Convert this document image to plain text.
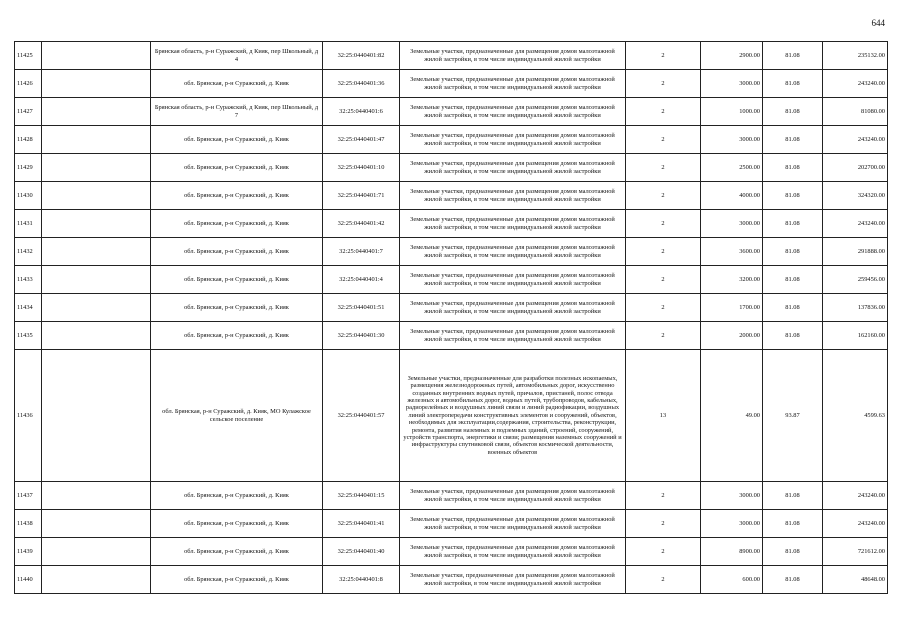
644
11425		Брянская область, р-н Суражский, д Кияк, пер Школьный, д 4	32:25:0440401:82	Земельные участки, предназначенные для размещения домов малоэтажной жилой застройки, в том числе индивидуальной жилой застройки	2	2900.00	81.08	235132.00
11426		обл. Брянская, р-н Суражский, д. Кияк	32:25:0440401:36	Земельные участки, предназначенные для размещения домов малоэтажной жилой застройки, в том числе индивидуальной жилой застройки	2	3000.00	81.08	243240.00
11427		Брянская область, р-н Суражский, д Кияк, пер Школьный, д 7	32:25:0440401:6	Земельные участки, предназначенные для размещения домов малоэтажной жилой застройки, в том числе индивидуальной жилой застройки	2	1000.00	81.08	81080.00
11428		обл. Брянская, р-н Суражский, д. Кияк	32:25:0440401:47	Земельные участки, предназначенные для размещения домов малоэтажной жилой застройки, в том числе индивидуальной жилой застройки	2	3000.00	81.08	243240.00
11429		обл. Брянская, р-н Суражский, д. Кияк	32:25:0440401:10	Земельные участки, предназначенные для размещения домов малоэтажной жилой застройки, в том числе индивидуальной жилой застройки	2	2500.00	81.08	202700.00
11430		обл. Брянская, р-н Суражский, д. Кияк	32:25:0440401:71	Земельные участки, предназначенные для размещения домов малоэтажной жилой застройки, в том числе индивидуальной жилой застройки	2	4000.00	81.08	324320.00
11431		обл. Брянская, р-н Суражский, д. Кияк	32:25:0440401:42	Земельные участки, предназначенные для размещения домов малоэтажной жилой застройки, в том числе индивидуальной жилой застройки	2	3000.00	81.08	243240.00
11432		обл. Брянская, р-н Суражский, д. Кияк	32:25:0440401:7	Земельные участки, предназначенные для размещения домов малоэтажной жилой застройки, в том числе индивидуальной жилой застройки	2	3600.00	81.08	291888.00
11433		обл. Брянская, р-н Суражский, д. Кияк	32:25:0440401:4	Земельные участки, предназначенные для размещения домов малоэтажной жилой застройки, в том числе индивидуальной жилой застройки	2	3200.00	81.08	259456.00
11434		обл. Брянская, р-н Суражский, д. Кияк	32:25:0440401:51	Земельные участки, предназначенные для размещения домов малоэтажной жилой застройки, в том числе индивидуальной жилой застройки	2	1700.00	81.08	137836.00
11435		обл. Брянская, р-н Суражский, д. Кияк	32:25:0440401:30	Земельные участки, предназначенные для размещения домов малоэтажной жилой застройки, в том числе индивидуальной жилой застройки	2	2000.00	81.08	162160.00
11436		обл. Брянская, р-н Суражский, д. Кияк, МО Кулажское сельское поселение	32:25:0440401:57	Земельные участки, предназначенные для разработки полезных ископаемых, размещения железнодорожных путей, автомобильных дорог, искусственно созданных внутренних водных путей, причалов, пристаней, полос отвода железных и автомобильных дорог, водных путей, трубопроводов, кабельных, радиорелейных и воздушных линий связи и линий радиофикации, воздушных линий электропередачи конструктивных элементов и сооружений, объектов, необходимых для эксплуатации,содержания, строительства, реконструкции, ремонта, развития наземных и подземных зданий, строений, сооружений, устройств транспорта, энергетики и связи; размещения наземных сооружений и инфраструктуры спутниковой связи, объектов космической деятельности, военных объектов	13	49.00	93.87	4599.63
11437		обл. Брянская, р-н Суражский, д. Кияк	32:25:0440401:15	Земельные участки, предназначенные для размещения домов малоэтажной жилой застройки, в том числе индивидуальной жилой застройки	2	3000.00	81.08	243240.00
11438		обл. Брянская, р-н Суражский, д. Кияк	32:25:0440401:41	Земельные участки, предназначенные для размещения домов малоэтажной жилой застройки, в том числе индивидуальной жилой застройки	2	3000.00	81.08	243240.00
11439		обл. Брянская, р-н Суражский, д. Кияк	32:25:0440401:40	Земельные участки, предназначенные для размещения домов малоэтажной жилой застройки, в том числе индивидуальной жилой застройки	2	8900.00	81.08	721612.00
11440		обл. Брянская, р-н Суражский, д. Кияк	32:25:0440401:8	Земельные участки, предназначенные для размещения домов малоэтажной жилой застройки, в том числе индивидуальной жилой застройки	2	600.00	81.08	48648.00
